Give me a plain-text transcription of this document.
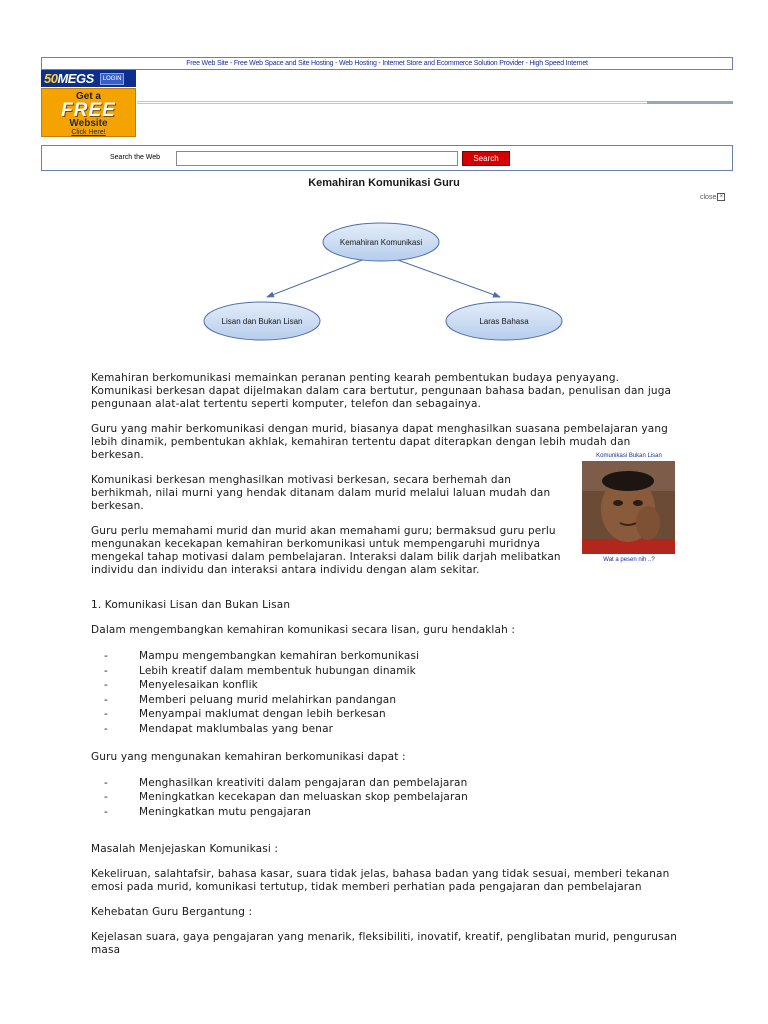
Free Web Site - Free Web Space and Site Hosting - Web Hosting - Internet Store and Ecommerce Solution Provider - High Speed Internet
50MEGS	LOGIN
Get a
FREE
Website
Click Here!
Search the Web	Search
Kemahiran Komunikasi Guru
close ×
Kemahiran Komunikasi
Lisan dan Bukan Lisan	Laras Bahasa
Komunikasi Bukan Lisan
Wat a pesen nih ..?

Kemahiran berkomunikasi memainkan peranan penting kearah pembentukan budaya penyayang. Komunikasi berkesan dapat dijelmakan dalam cara bertutur, pengunaan bahasa badan, penulisan dan juga pengunaan alat-alat tertentu seperti komputer, telefon dan sebagainya.

Guru yang mahir berkomunikasi dengan murid, biasanya dapat menghasilkan suasana pembelajaran yang lebih dinamik, pembentukan akhlak, kemahiran tertentu dapat diterapkan dengan lebih mudah dan berkesan.

Komunikasi berkesan menghasilkan motivasi berkesan, secara berhemah dan berhikmah, nilai murni yang hendak ditanam dalam murid melalui laluan mudah dan berkesan.

Guru perlu memahami murid dan murid akan memahami guru; bermaksud guru perlu mengunakan kecekapan kemahiran berkomunikasi untuk mempengaruhi muridnya mengekal tahap motivasi dalam pembelajaran. Interaksi dalam bilik darjah melibatkan individu dan individu dan interaksi antara individu dengan alam sekitar.

1. Komunikasi Lisan dan Bukan Lisan

Dalam mengembangkan kemahiran komunikasi secara lisan, guru hendaklah :

- Mampu mengembangkan kemahiran berkomunikasi
- Lebih kreatif dalam membentuk hubungan dinamik
- Menyelesaikan konflik
- Memberi peluang murid melahirkan pandangan
- Menyampai maklumat dengan lebih berkesan
- Mendapat maklumbalas yang benar

Guru yang mengunakan kemahiran berkomunikasi dapat :

- Menghasilkan kreativiti dalam pengajaran dan pembelajaran
- Meningkatkan kecekapan dan meluaskan skop pembelajaran
- Meningkatkan mutu pengajaran

Masalah Menjejaskan Komunikasi :

Kekeliruan, salahtafsir, bahasa kasar, suara tidak jelas, bahasa badan yang tidak sesuai, memberi tekanan emosi pada murid, komunikasi tertutup, tidak memberi perhatian pada pengajaran dan pembelajaran

Kehebatan Guru Bergantung :

Kejelasan suara, gaya pengajaran yang menarik, fleksibiliti, inovatif, kreatif, penglibatan murid, pengurusan masa
